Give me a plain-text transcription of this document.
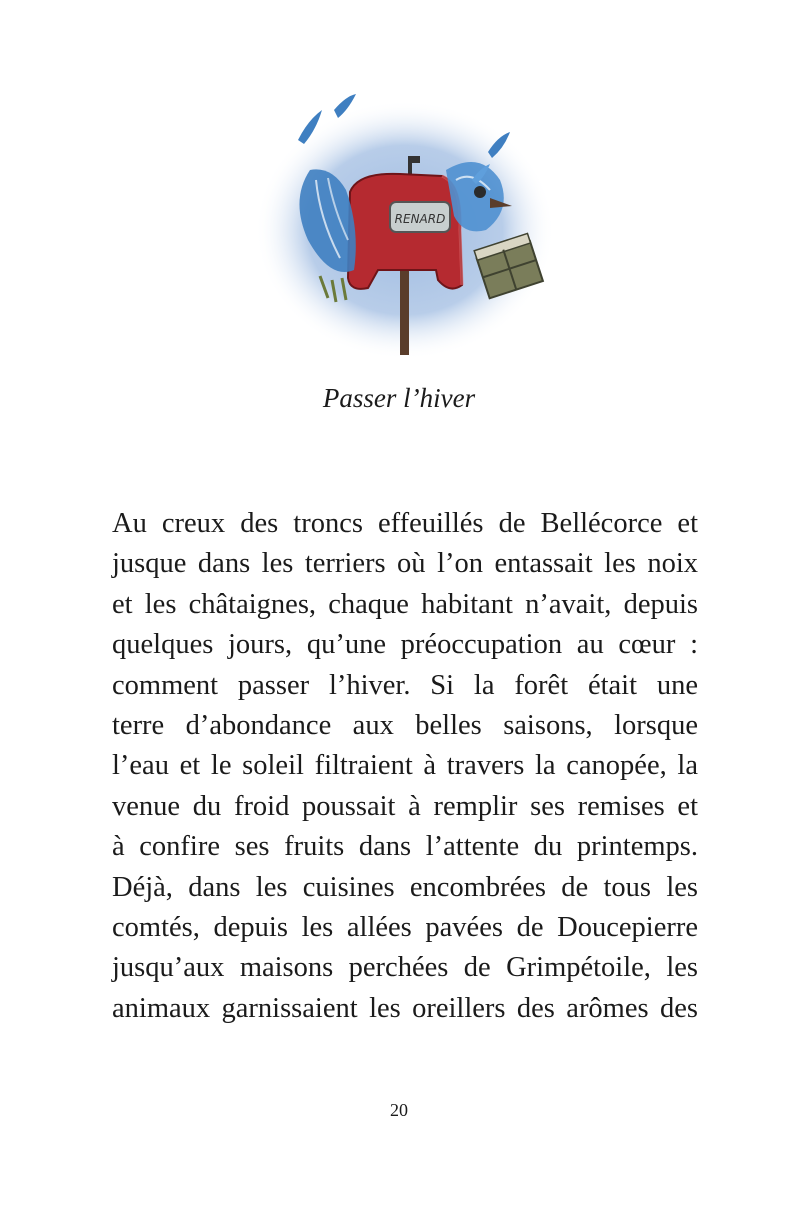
RENARD
Passer l’hiver
Au creux des troncs effeuillés de Bellécorce et
jusque dans les terriers où l’on entassait les noix
et les châtaignes, chaque habitant n’avait, depuis
quelques jours, qu’une préoccupation au cœur :
comment passer l’hiver. Si la forêt était une
terre d’abondance aux belles saisons, lorsque
l’eau et le soleil filtraient à travers la canopée, la
venue du froid poussait à remplir ses remises et
à confire ses fruits dans l’attente du printemps.
Déjà, dans les cuisines encombrées de tous les
comtés, depuis les allées pavées de Doucepierre
jusqu’aux maisons perchées de Grimpétoile, les
animaux garnissaient les oreillers des arômes des
20
